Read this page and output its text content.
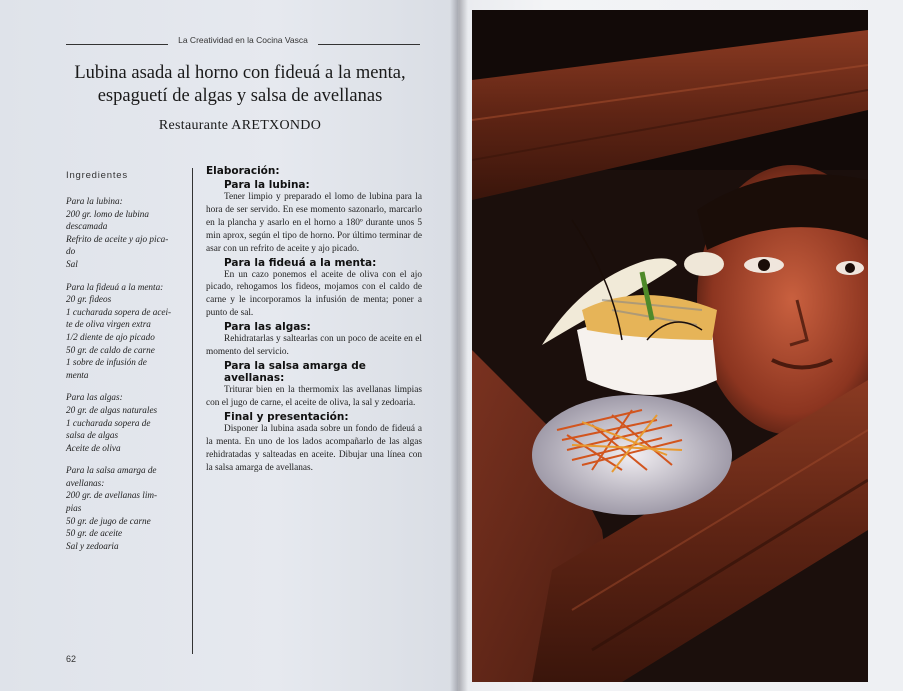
La Creatividad en la Cocina Vasca
Lubina asada al horno con fideuá a la menta,
espaguetí de algas y salsa de avellanas
Restaurante ARETXONDO
Ingredientes
Para la lubina:
200 gr. lomo de lubina
descamada
Refrito de aceite y ajo pica-
do
Sal
Para la fideuá a la menta:
20 gr. fideos
1 cucharada sopera de acei-
te de oliva virgen extra
1/2 diente de ajo picado
50 gr. de caldo de carne
1 sobre de infusión de
menta
Para las algas:
20 gr. de algas naturales
1 cucharada sopera de
salsa de algas
Aceite de oliva
Para la salsa amarga de
avellanas:
200 gr. de avellanas lim-
pias
50 gr. de jugo de carne
50 gr. de aceite
Sal y zedoaria
Elaboración:
Para la lubina:
Tener limpio y preparado el lomo de lubina para la hora de ser servido. En ese momento sazonarlo, marcarlo en la plancha y asarlo en el horno a 180º durante unos 5 min aprox, según el tipo de horno. Por último terminar de asar con un refrito de aceite y ajo picado.
Para la fideuá a la menta:
En un cazo ponemos el aceite de oliva con el ajo picado, rehogamos los fideos, mojamos con el caldo de carne y le incorporamos la infusión de menta; poner a punto de sal.
Para las algas:
Rehidratarlas y saltearlas con un poco de aceite en el momento del servicio.
Para la salsa amarga de avellanas:
Triturar bien en la thermomix las avellanas limpias con el jugo de carne, el aceite de oliva, la sal y zedoaria.
Final y presentación:
Disponer la lubina asada sobre un fondo de fideuá a la menta. En uno de los lados acompañarlo de las algas rehidratadas y salteadas en aceite. Dibujar una línea con la salsa amarga de avellanas.
62
